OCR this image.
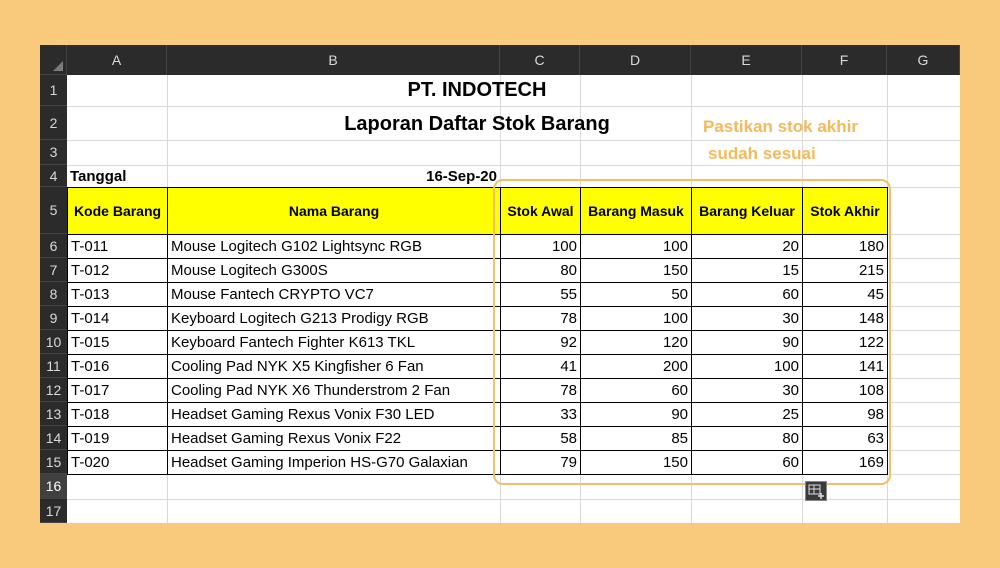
A	B	C	D	E	F	G
1
2
3
4
5
6
7
8
9
10
11
12
13
14
15
16
17
Kode Barang	Nama Barang	Stok Awal	Barang Masuk	Barang Keluar	Stok Akhir
T-011	Mouse Logitech G102 Lightsync RGB	100	100	20	180
T-012	Mouse Logitech G300S	80	150	15	215
T-013	Mouse Fantech CRYPTO VC7	55	50	60	45
T-014	Keyboard Logitech G213 Prodigy RGB	78	100	30	148
T-015	Keyboard Fantech Fighter K613 TKL	92	120	90	122
T-016	Cooling Pad NYK X5 Kingfisher 6 Fan	41	200	100	141
T-017	Cooling Pad NYK X6 Thunderstrom 2 Fan	78	60	30	108
T-018	Headset Gaming Rexus Vonix F30 LED	33	90	25	98
T-019	Headset Gaming Rexus Vonix F22	58	85	80	63
T-020	Headset Gaming Imperion HS-G70 Galaxian	79	150	60	169
PT. INDOTECH
Laporan Daftar Stok Barang
Tanggal	16-Sep-20
Pastikan stok akhir
sudah sesuai
